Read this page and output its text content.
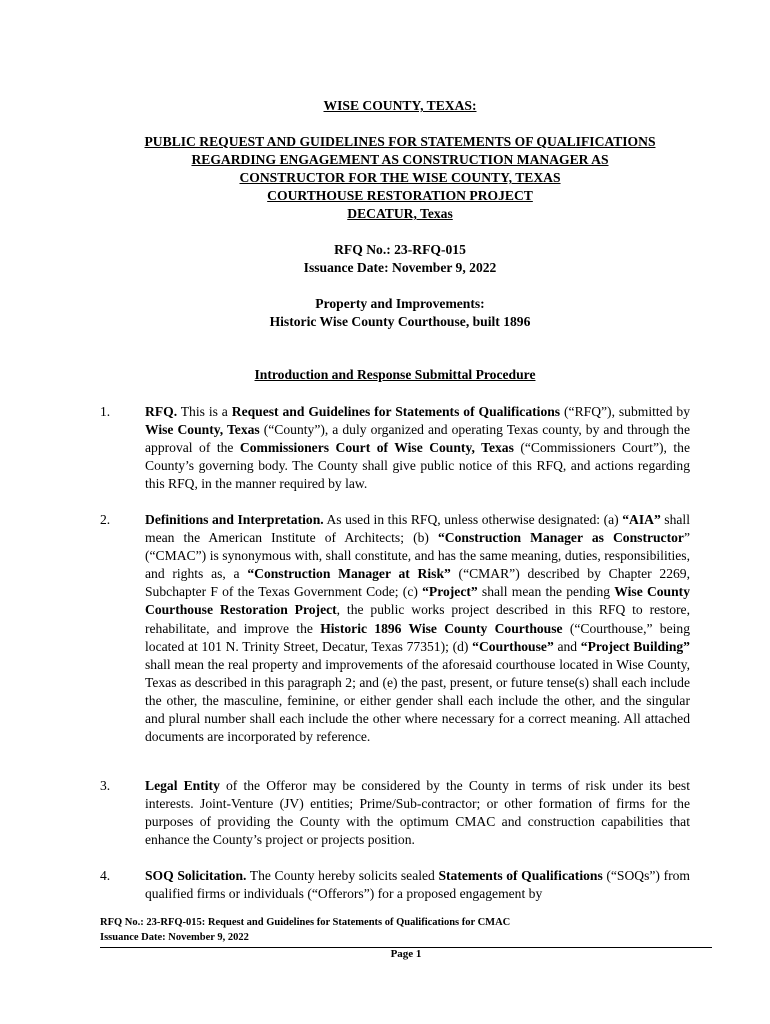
WISE COUNTY, TEXAS:
PUBLIC REQUEST AND GUIDELINES FOR STATEMENTS OF QUALIFICATIONS
REGARDING ENGAGEMENT AS CONSTRUCTION MANAGER AS
CONSTRUCTOR FOR THE WISE COUNTY, TEXAS
COURTHOUSE RESTORATION PROJECT
DECATUR, Texas
RFQ No.: 23-RFQ-015
Issuance Date: November 9, 2022
Property and Improvements:
Historic Wise County Courthouse, built 1896
Introduction and Response Submittal Procedure
1.	RFQ. This is a Request and Guidelines for Statements of Qualifications (“RFQ”), submitted by Wise County, Texas (“County”), a duly organized and operating Texas county, by and through the approval of the Commissioners Court of Wise County, Texas (“Commissioners Court”), the County’s governing body. The County shall give public notice of this RFQ, and actions regarding this RFQ, in the manner required by law.
2.	Definitions and Interpretation. As used in this RFQ, unless otherwise designated: (a) “AIA” shall mean the American Institute of Architects; (b) “Construction Manager as Constructor” (“CMAC”) is synonymous with, shall constitute, and has the same meaning, duties, responsibilities, and rights as, a “Construction Manager at Risk” (“CMAR”) described by Chapter 2269, Subchapter F of the Texas Government Code; (c) “Project” shall mean the pending Wise County Courthouse Restoration Project, the public works project described in this RFQ to restore, rehabilitate, and improve the Historic 1896 Wise County Courthouse (“Courthouse,” being located at 101 N. Trinity Street, Decatur, Texas 77351); (d) “Courthouse” and “Project Building” shall mean the real property and improvements of the aforesaid courthouse located in Wise County, Texas as described in this paragraph 2; and (e) the past, present, or future tense(s) shall each include the other, the masculine, feminine, or either gender shall each include the other, and the singular and plural number shall each include the other where necessary for a correct meaning. All attached documents are incorporated by reference.
3.	Legal Entity of the Offeror may be considered by the County in terms of risk under its best interests. Joint-Venture (JV) entities; Prime/Sub-contractor; or other formation of firms for the purposes of providing the County with the optimum CMAC and construction capabilities that enhance the County’s project or projects position.
4.	SOQ Solicitation. The County hereby solicits sealed Statements of Qualifications (“SOQs”) from qualified firms or individuals (“Offerors”) for a proposed engagement by
RFQ No.: 23-RFQ-015: Request and Guidelines for Statements of Qualifications for CMAC
Issuance Date: November 9, 2022
Page 1
